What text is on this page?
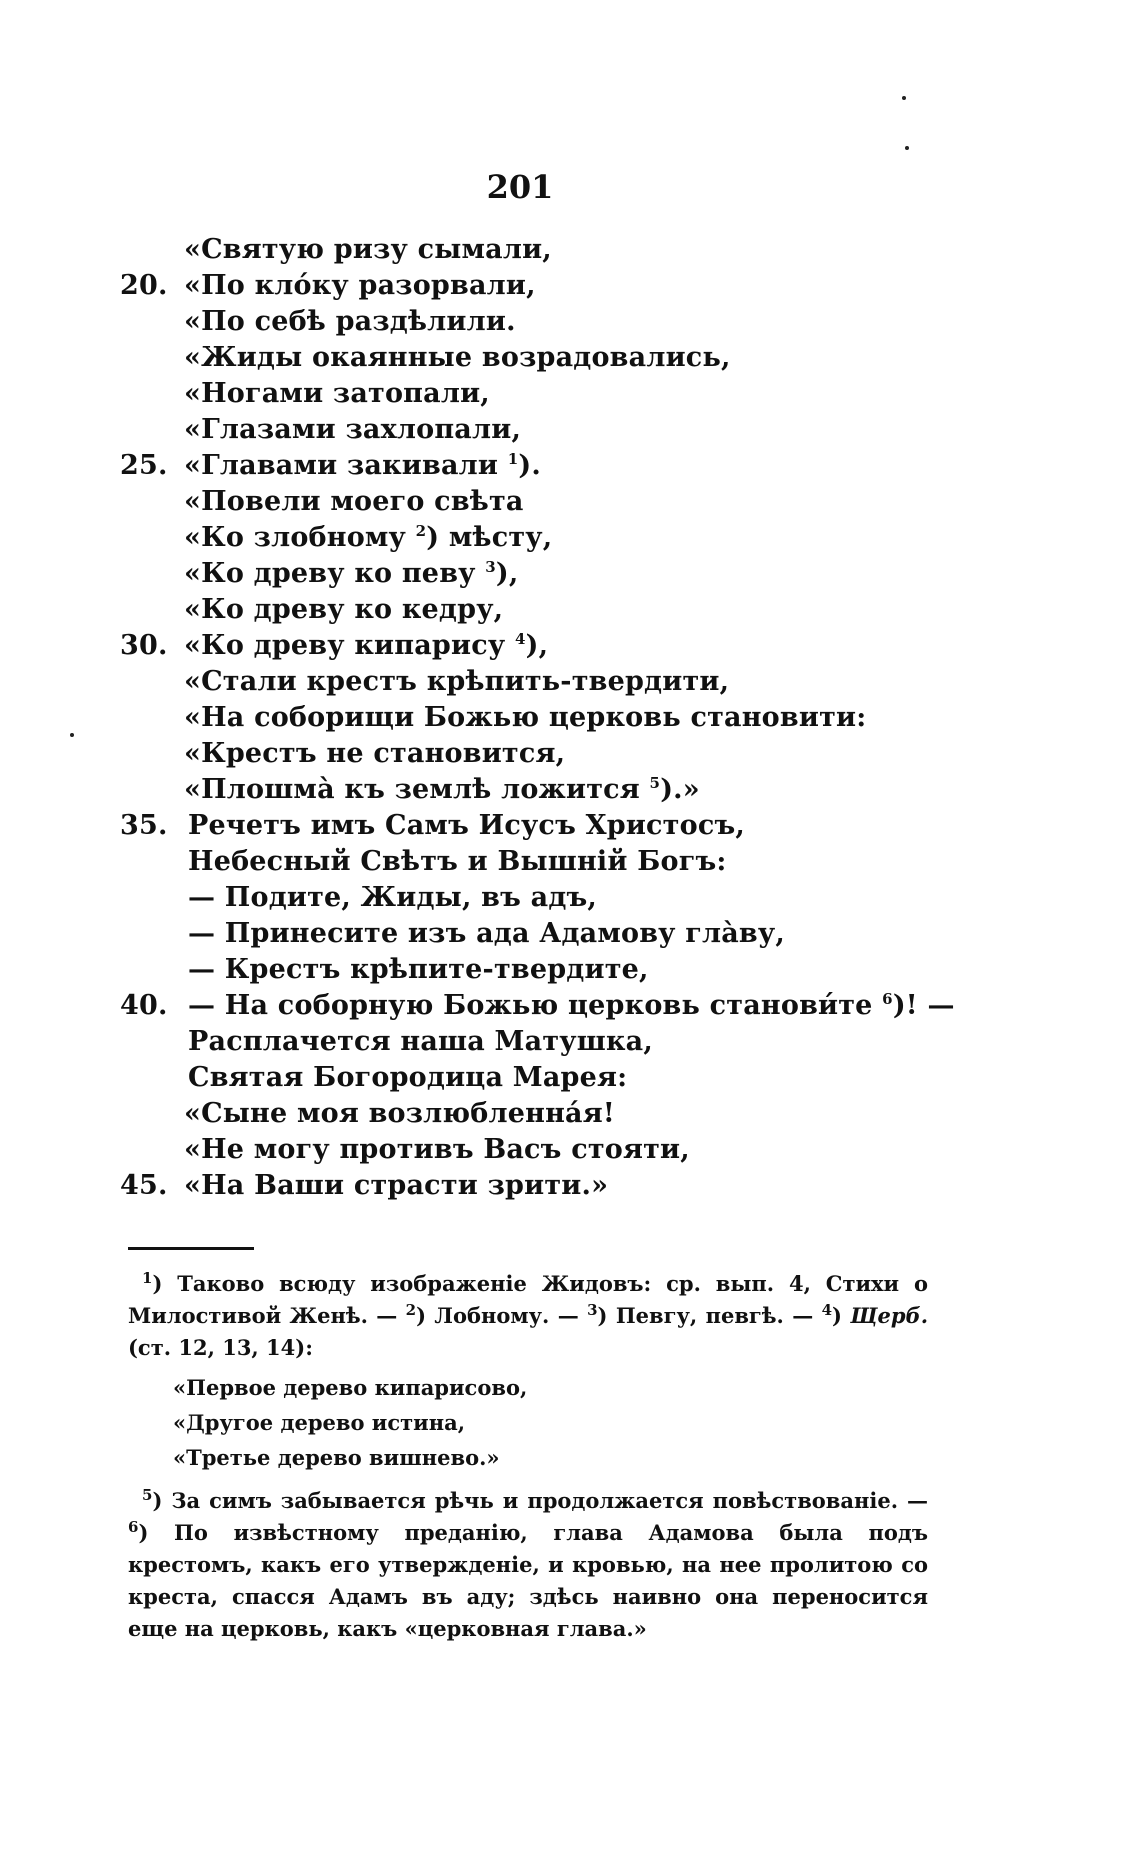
201
«Святую ризу сымали,
20. «По клóку разорвали,
«По себѣ раздѣлили.
«Жиды окаянные возрадовались,
«Ногами затопали,
«Глазами захлопали,
25. «Главами закивали $^1$).
«Повели моего свѣта
«Ко злобному $^2$) мѣсту,
«Ко древу ко певу $^3$),
«Ко древу ко кедру,
30. «Ко древу кипарису $^4$),
«Стали крестъ крѣпить-твердити,
«На соборищи Божью церковь становити:
«Крестъ не становится,
«Плошмà къ землѣ ложится $^5$).»
35. Речетъ имъ Самъ Исусъ Христосъ,
Небесный Свѣтъ и Вышній Богъ:
— Подите, Жиды, въ адъ,
— Принесите изъ ада Адамову глàву,
— Крестъ крѣпите-твердите,
40. — На соборную Божью церковь станови́те $^6$)! —
Расплачется наша Матушка,
Святая Богородица Марея:
«Сыне моя возлюбленнáя!
«Не могу противъ Васъ стояти,
45. «На Ваши страсти зрити.»

$^1$) Таково всюду изображеніе Жидовъ: ср. вып. 4, Стихи о Милостивой Женѣ. — $^2$) Лобному. — $^3$) Певгу, певгѣ. — $^4$) Щерб. (ст. 12, 13, 14):

«Первое дерево кипарисово,
«Другое дерево истина,
«Третье дерево вишнево.»

$^5$) За симъ забывается рѣчь и продолжается повѣствованіе. — $^6$) По извѣстному преданію, глава Адамова была подъ крестомъ, какъ его утвержденіе, и кровью, на нее пролитою со креста, спасся Адамъ въ аду; здѣсь наивно она переносится еще на церковь, какъ «церковная глава.»
